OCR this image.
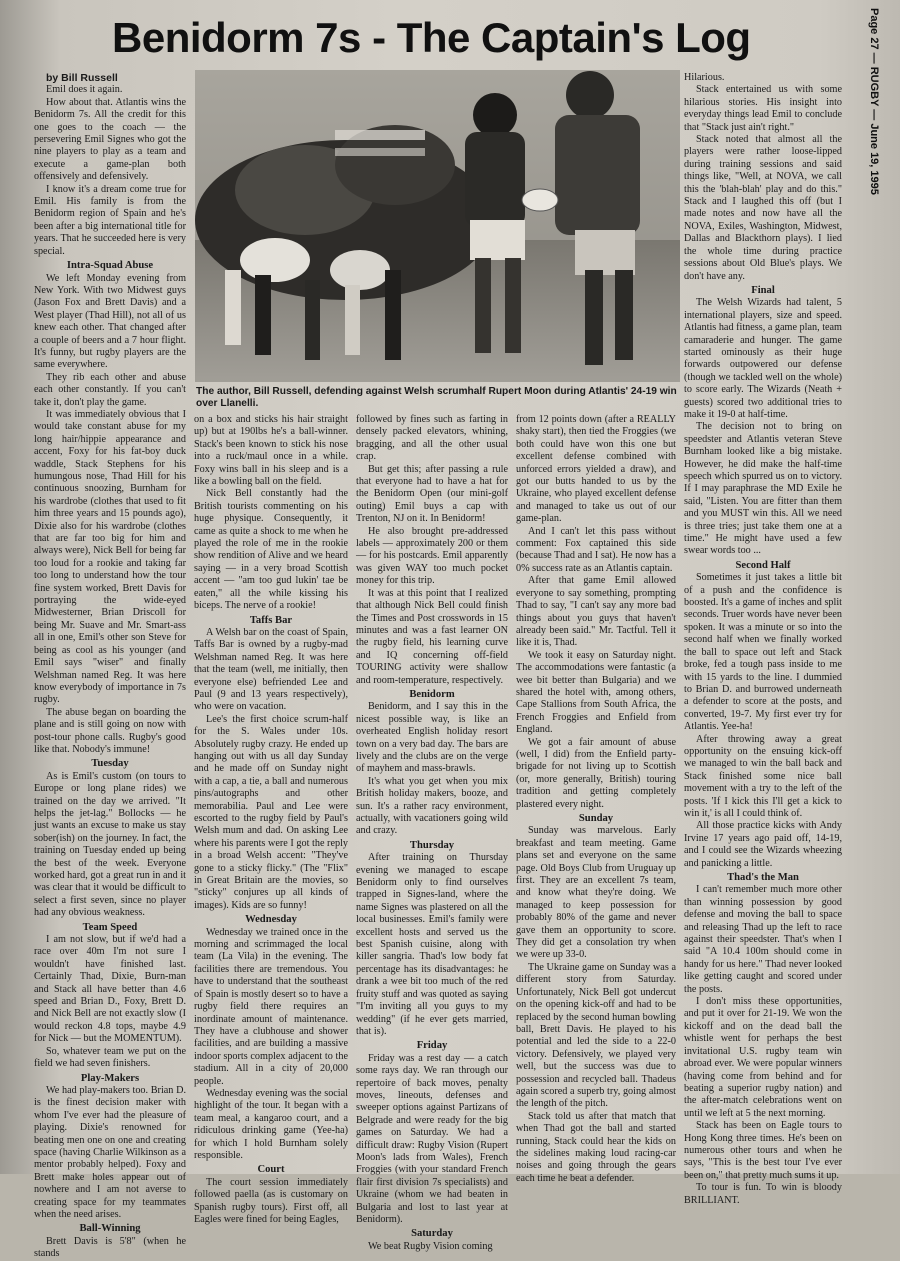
Page 27 — RUGBY — June 19, 1995
Benidorm 7s - The Captain's Log

by Bill Russell

Emil does it again.

How about that. Atlantis wins the Benidorm 7s. All the credit for this one goes to the coach — the persevering Emil Signes who got the nine players to play as a team and execute a game-plan both offensively and defensively.

I know it's a dream come true for Emil. His family is from the Benidorm region of Spain and he's been after a big international title for years. That he succeeded here is very special.

Intra-Squad Abuse

We left Monday evening from New York. With two Midwest guys (Jason Fox and Brett Davis) and a West player (Thad Hill), not all of us knew each other. That changed after a couple of beers and a 7 hour flight. It's funny, but rugby players are the same everywhere.

They rib each other and abuse each other constantly. If you can't take it, don't play the game.

It was immediately obvious that I would take constant abuse for my long hair/hippie appearance and accent, Foxy for his fat-boy duck waddle, Stack Stephens for his humungous nose, Thad Hill for his continuous snoozing, Burnham for his wardrobe (clothes that used to fit him three years and 15 pounds ago), Dixie also for his wardrobe (clothes that are far too big for him and always were), Nick Bell for being far too loud for a rookie and taking far too long to understand how the tour fine system worked, Brett Davis for portraying the wide-eyed Midwesterner, Brian Driscoll for being Mr. Suave and Mr. Smart-ass all in one, Emil's other son Steve for being as cool as his younger (and Emil says "wiser" and finally Welshman named Reg. It was here know everybody of importance in 7s rugby.

The abuse began on boarding the plane and is still going on now with post-tour phone calls. Rugby's good like that. Nobody's immune!

Tuesday

As is Emil's custom (on tours to Europe or long plane rides) we trained on the day we arrived. "It helps the jet-lag." Bollocks — he just wants an excuse to make us stay sober(ish) on the journey. In fact, the training on Tuesday ended up being the best of the week. Everyone worked hard, got a great run in and it was clear that it would be difficult to select a first seven, since no player had any obvious weakness.

Team Speed

I am not slow, but if we'd had a race over 40m I'm not sure I wouldn't have finished last. Certainly Thad, Dixie, Burn-man and Stack all have better than 4.6 speed and Brian D., Foxy, Brett D. and Nick Bell are not exactly slow (I would reckon 4.8 tops, maybe 4.9 for Nick — but the MOMENTUM).

So, whatever team we put on the field we had seven finishers.

Play-Makers

We had play-makers too. Brian D. is the finest decision maker with whom I've ever had the pleasure of playing. Dixie's renowned for beating men one on one and creating space (having Charlie Wilkinson as a mentor probably helped). Foxy and Brett make holes appear out of nowhere and I am not averse to creating space for my teammates when the need arises.

Ball-Winning

Brett Davis is 5'8" (when he stands

The author, Bill Russell, defending against Welsh scrumhalf Rupert Moon during Atlantis' 24-19 win over Llanelli.

on a box and sticks his hair straight up) but at 190lbs he's a ball-winner. Stack's been known to stick his nose into a ruck/maul once in a while. Foxy wins ball in his sleep and is a like a bowling ball on the field.

Nick Bell constantly had the British tourists commenting on his huge physique. Consequently, it came as quite a shock to me when he played the role of me in the rookie show rendition of Alive and we heard saying — in a very broad Scottish accent — "am too gud lukin' tae be eaten," all the while kissing his biceps. The nerve of a rookie!

Taffs Bar

A Welsh bar on the coast of Spain, Taffs Bar is owned by a rugby-mad Welshman named Reg. It was here that the team (well, me initially, then everyone else) befriended Lee and Paul (9 and 13 years respectively), who were on vacation.

Lee's the first choice scrum-half for the S. Wales under 10s. Absolutely rugby crazy. He ended up hanging out with us all day Sunday and he made off on Sunday night with a cap, a tie, a ball and numerous pins/autographs and other memorabilia. Paul and Lee were escorted to the rugby field by Paul's Welsh mum and dad. On asking Lee where his parents were I got the reply in a broad Welsh accent: "They've gone to a sticky flicky." (The "Flix" in Great Britain are the movies, so "sticky" conjures up all kinds of images). Kids are so funny!

Wednesday

Wednesday we trained once in the morning and scrimmaged the local team (La Vila) in the evening. The facilities there are tremendous. You have to understand that the southeast of Spain is mostly desert so to have a rugby field there requires an inordinate amount of maintenance. They have a clubhouse and shower facilities, and are building a massive indoor sports complex adjacent to the stadium. All in a city of 20,000 people.

Wednesday evening was the social highlight of the tour. It began with a team meal, a kangaroo court, and a ridiculous drinking game (Yee-ha) for which I hold Burnham solely responsible.

Court

The court session immediately followed paella (as is customary on Spanish rugby tours). First off, all Eagles were fined for being Eagles,

followed by fines such as farting in densely packed elevators, whining, bragging, and all the other usual crap.

But get this; after passing a rule that everyone had to have a hat for the Benidorm Open (our mini-golf outing) Emil buys a cap with Trenton, NJ on it. In Benidorm!

He also brought pre-addressed labels — approximately 200 or them — for his postcards. Emil apparently was given WAY too much pocket money for this trip.

It was at this point that I realized that although Nick Bell could finish the Times and Post crosswords in 15 minutes and was a fast learner ON the rugby field, his learning curve and IQ concerning off-field TOURING activity were shallow and room-temperature, respectively.

Benidorm

Benidorm, and I say this in the nicest possible way, is like an overheated English holiday resort town on a very bad day. The bars are lively and the clubs are on the verge of mayhem and mass-brawls.

It's what you get when you mix British holiday makers, booze, and sun. It's a rather racy environment, actually, with vacationers going wild and crazy.

Thursday

After training on Thursday evening we managed to escape Benidorm only to find ourselves trapped in Signes-land, where the name Signes was plastered on all the local businesses. Emil's family were excellent hosts and served us the best Spanish cuisine, along with killer sangria. Thad's low body fat percentage has its disadvantages: he drank a wee bit too much of the red fruity stuff and was quoted as saying "I'm inviting all you guys to my wedding" (if he ever gets married, that is).

Friday

Friday was a rest day — a catch some rays day. We ran through our repertoire of back moves, penalty moves, lineouts, defenses and sweeper options against Partizans of Belgrade and were ready for the big games on Saturday. We had a difficult draw: Rugby Vision (Rupert Moon's lads from Wales), French Froggies (with your standard French flair first division 7s specialists) and Ukraine (whom we had beaten in Bulgaria and lost to last year at Benidorm).

Saturday

We beat Rugby Vision coming

from 12 points down (after a REALLY shaky start), then tied the Froggies (we both could have won this one but excellent defense combined with unforced errors yielded a draw), and got our butts handed to us by the Ukraine, who played excellent defense and managed to take us out of our game-plan.

And I can't let this pass without comment: Fox captained this side (because Thad and I sat). He now has a 0% success rate as an Atlantis captain.

After that game Emil allowed everyone to say something, prompting Thad to say, "I can't say any more bad things about you guys that haven't already been said." Mr. Tactful. Tell it like it is, Thad.

We took it easy on Saturday night. The accommodations were fantastic (a wee bit better than Bulgaria) and we shared the hotel with, among others, Cape Stallions from South Africa, the French Froggies and Enfield from England.

We got a fair amount of abuse (well, I did) from the Enfield party-brigade for not living up to Scottish (or, more generally, British) touring tradition and getting completely plastered every night.

Sunday

Sunday was marvelous. Early breakfast and team meeting. Game plans set and everyone on the same page. Old Boys Club from Uruguay up first. They are an excellent 7s team, and know what they're doing. We managed to keep possession for probably 80% of the game and never gave them an opportunity to score. They did get a consolation try when we were up 33-0.

The Ukraine game on Sunday was a different story from Saturday. Unfortunately, Nick Bell got undercut on the opening kick-off and had to be replaced by the second human bowling ball, Brett Davis. He played to his potential and led the side to a 22-0 victory. Defensively, we played very well, but the success was due to possession and recycled ball. Thadeus again scored a superb try, going almost the length of the pitch.

Stack told us after that match that when Thad got the ball and started running, Stack could hear the kids on the sidelines making loud racing-car noises and going through the gears each time he beat a defender.

Hilarious.

Stack entertained us with some hilarious stories. His insight into everyday things lead Emil to conclude that "Stack just ain't right."

Stack noted that almost all the players were rather loose-lipped during training sessions and said things like, "Well, at NOVA, we call this the 'blah-blah' play and do this." Stack and I laughed this off (but I made notes and now have all the NOVA, Exiles, Washington, Midwest, Dallas and Blackthorn plays). I lied the whole time during practice sessions about Old Blue's plays. We don't have any.

Final

The Welsh Wizards had talent, 5 international players, size and speed. Atlantis had fitness, a game plan, team camaraderie and hunger. The game started ominously as their huge forwards outpowered our defense (though we tackled well on the whole) to score early. The Wizards (Neath + guests) scored two additional tries to make it 19-0 at half-time.

The decision not to bring on speedster and Atlantis veteran Steve Burnham looked like a big mistake. However, he did make the half-time speech which spurred us on to victory. If I may paraphrase the MD Exile he said, "Listen. You are fitter than them and you MUST win this. All we need is three tries; just take them one at a time." He might have used a few swear words too ...

Second Half

Sometimes it just takes a little bit of a push and the confidence is boosted. It's a game of inches and split seconds. Truer words have never been spoken. It was a minute or so into the second half when we finally worked the ball to space out left and Stack broke, fed a tough pass inside to me with 15 yards to the line. I dummied to Brian D. and burrowed underneath a defender to score at the posts, and converted, 19-7. My first ever try for Atlantis. Yee-ha!

After throwing away a great opportunity on the ensuing kick-off we managed to win the ball back and Stack finished some nice ball movement with a try to the left of the posts. 'If I kick this I'll get a kick to win it,' is all I could think of.

All those practice kicks with Andy Irvine 17 years ago paid off, 14-19, and I could see the Wizards wheezing and panicking a little.

Thad's the Man

I can't remember much more other than winning possession by good defense and moving the ball to space and releasing Thad up the left to race against their speedster. That's when I said "A 10.4 100m should come in handy for us here." Thad never looked like getting caught and scored under the posts.

I don't miss these opportunities, and put it over for 21-19. We won the kickoff and on the dead ball the whistle went for perhaps the best invitational U.S. rugby team win abroad ever. We were popular winners (having come from behind and for beating a superior rugby nation) and the after-match celebrations went on until we left at 5 the next morning.

Stack has been on Eagle tours to Hong Kong three times. He's been on numerous other tours and when he says, "This is the best tour I've ever been on," that pretty much sums it up.

To tour is fun. To win is bloody BRILLIANT.
